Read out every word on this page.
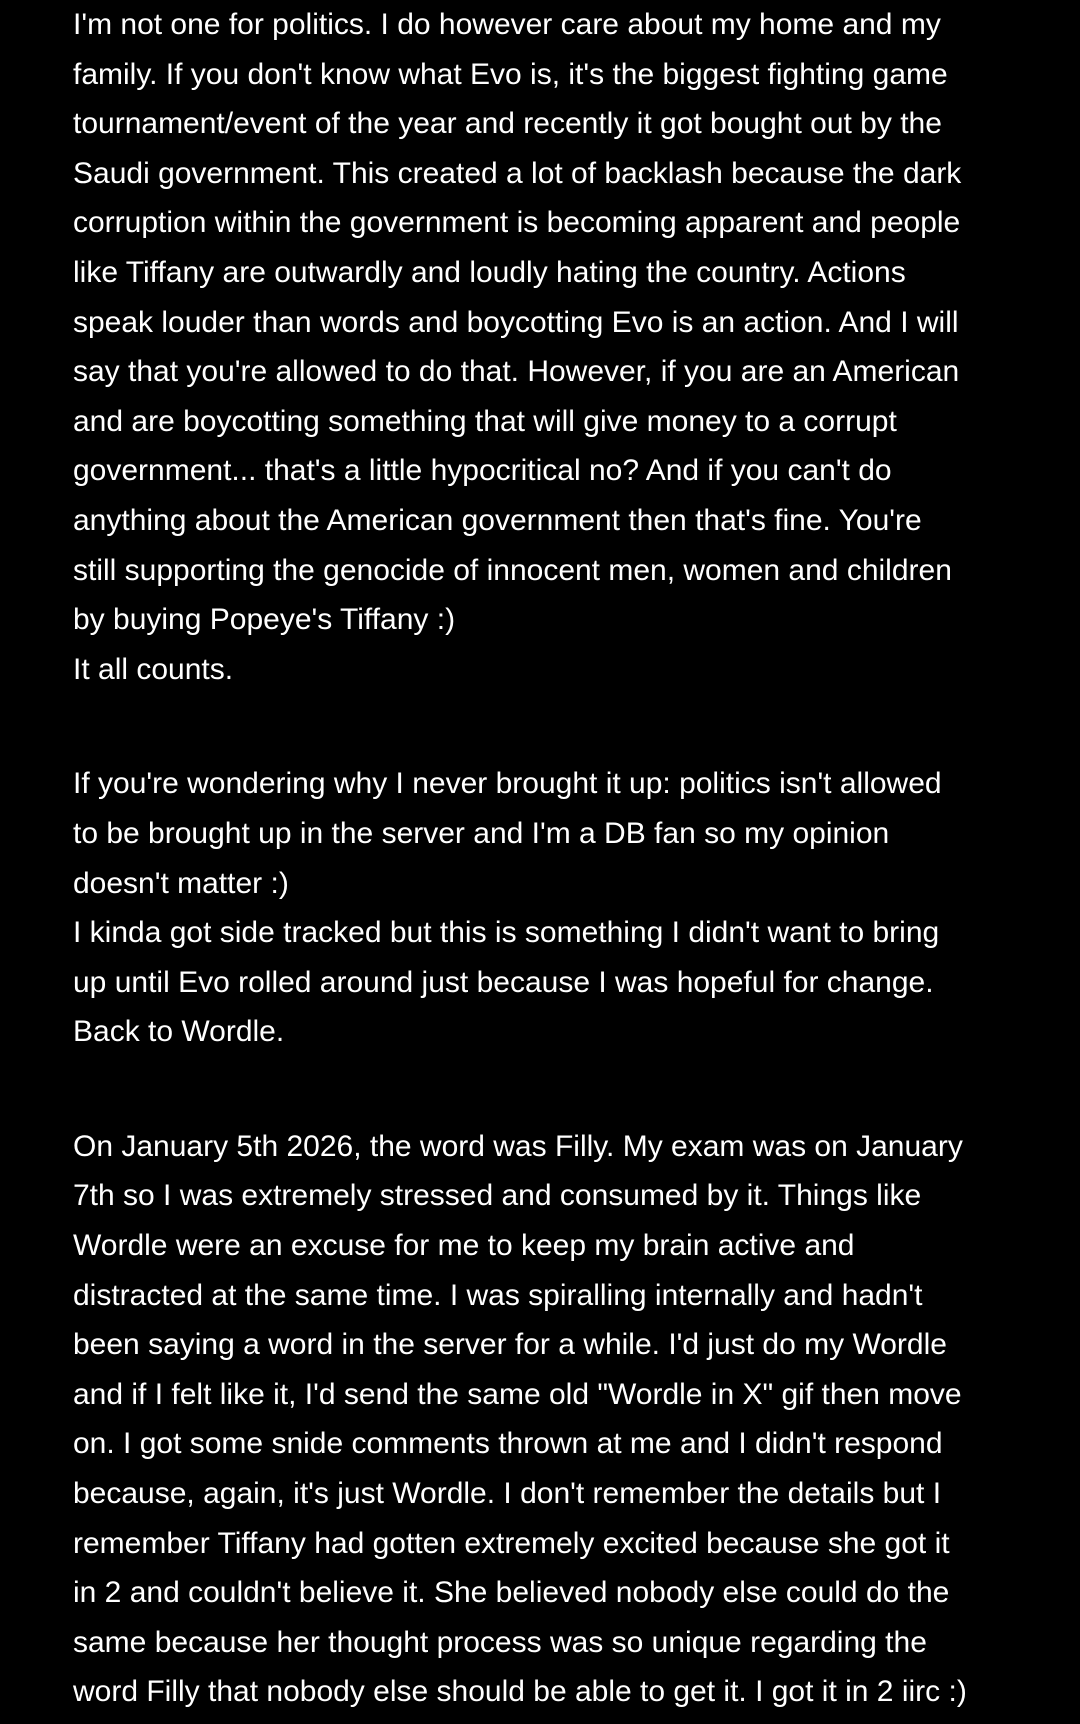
I'm not one for politics. I do however care about my home and my
family. If you don't know what Evo is, it's the biggest fighting game
tournament/event of the year and recently it got bought out by the
Saudi government. This created a lot of backlash because the dark
corruption within the government is becoming apparent and people
like Tiffany are outwardly and loudly hating the country. Actions
speak louder than words and boycotting Evo is an action. And I will
say that you're allowed to do that. However, if you are an American
and are boycotting something that will give money to a corrupt
government... that's a little hypocritical no? And if you can't do
anything about the American government then that's fine. You're
still supporting the genocide of innocent men, women and children
by buying Popeye's Tiffany :)
It all counts.
If you're wondering why I never brought it up: politics isn't allowed
to be brought up in the server and I'm a DB fan so my opinion
doesn't matter :)
I kinda got side tracked but this is something I didn't want to bring
up until Evo rolled around just because I was hopeful for change.
Back to Wordle.
On January 5th 2026, the word was Filly. My exam was on January
7th so I was extremely stressed and consumed by it. Things like
Wordle were an excuse for me to keep my brain active and
distracted at the same time. I was spiralling internally and hadn't
been saying a word in the server for a while. I'd just do my Wordle
and if I felt like it, I'd send the same old "Wordle in X" gif then move
on. I got some snide comments thrown at me and I didn't respond
because, again, it's just Wordle. I don't remember the details but I
remember Tiffany had gotten extremely excited because she got it
in 2 and couldn't believe it. She believed nobody else could do the
same because her thought process was so unique regarding the
word Filly that nobody else should be able to get it. I got it in 2 iirc :)
